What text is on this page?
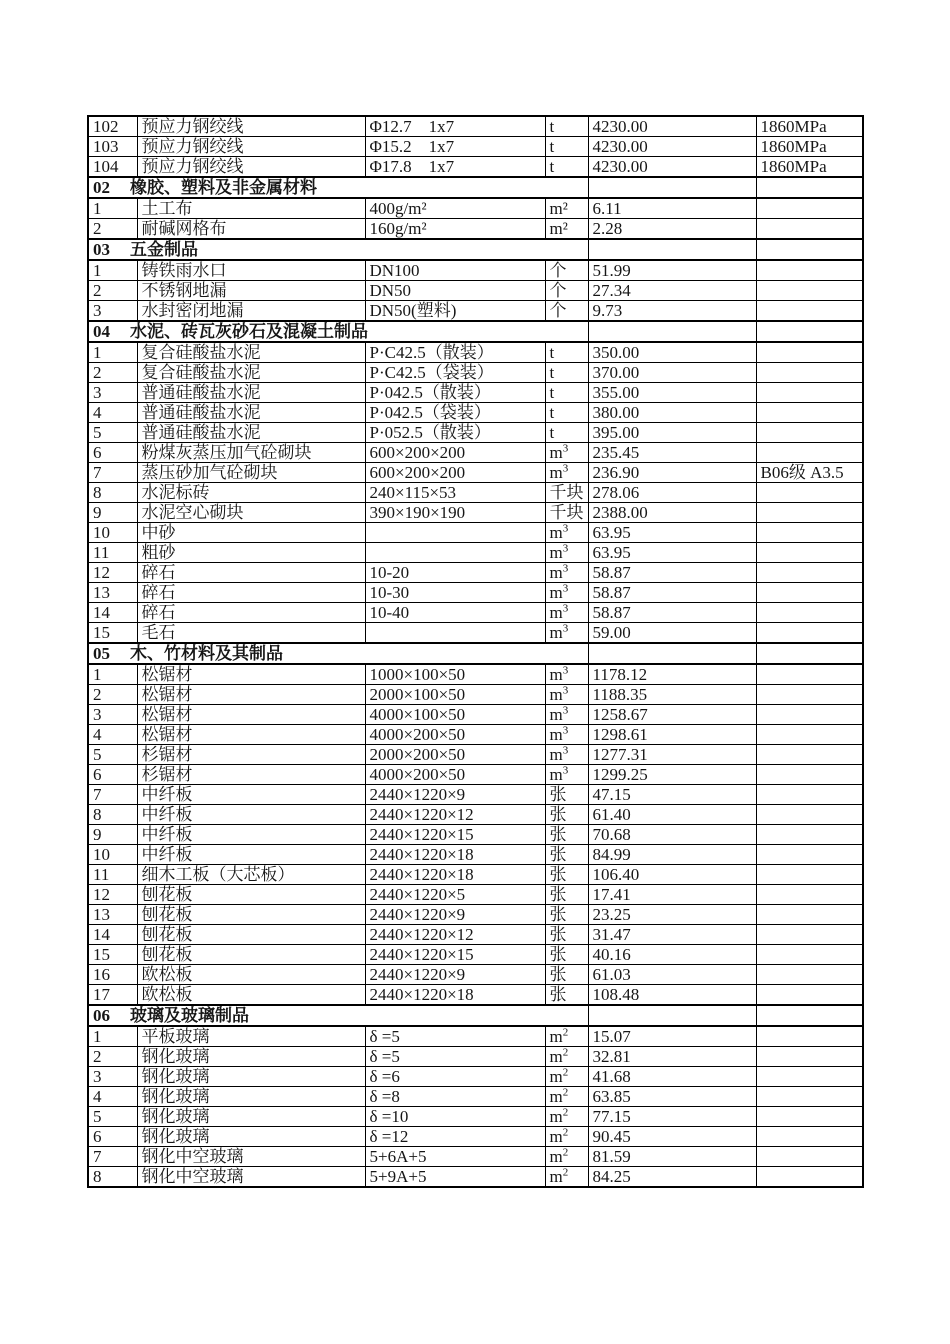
102	预应力钢绞线	Φ12.7    1x7	t	4230.00	1860MPa
103	预应力钢绞线	Φ15.2    1x7	t	4230.00	1860MPa
104	预应力钢绞线	Φ17.8    1x7	t	4230.00	1860MPa
02 橡胶、塑料及非金属材料					
1	土工布	400g/m²	m²	6.11	
2	耐碱网格布	160g/m²	m²	2.28	
03 五金制品					
1	铸铁雨水口	DN100	个	51.99	
2	不锈钢地漏	DN50	个	27.34	
3	水封密闭地漏	DN50(塑料)	个	9.73	
04 水泥、砖瓦灰砂石及混凝土制品					
1	复合硅酸盐水泥	P·C42.5（散装）	t	350.00	
2	复合硅酸盐水泥	P·C42.5（袋装）	t	370.00	
3	普通硅酸盐水泥	P·042.5（散装）	t	355.00	
4	普通硅酸盐水泥	P·042.5（袋装）	t	380.00	
5	普通硅酸盐水泥	P·052.5（散装）	t	395.00	
6	粉煤灰蒸压加气砼砌块	600×200×200	$m^3$	235.45	
7	蒸压砂加气砼砌块	600×200×200	$m^3$	236.90	B06级 A3.5
8	水泥标砖	240×115×53	千块	278.06	
9	水泥空心砌块	390×190×190	千块	2388.00	
10	中砂		$m^3$	63.95	
11	粗砂		$m^3$	63.95	
12	碎石	10-20	$m^3$	58.87	
13	碎石	10-30	$m^3$	58.87	
14	碎石	10-40	$m^3$	58.87	
15	毛石		$m^3$	59.00	
05 木、竹材料及其制品					
1	松锯材	1000×100×50	$m^3$	1178.12	
2	松锯材	2000×100×50	$m^3$	1188.35	
3	松锯材	4000×100×50	$m^3$	1258.67	
4	松锯材	4000×200×50	$m^3$	1298.61	
5	杉锯材	2000×200×50	$m^3$	1277.31	
6	杉锯材	4000×200×50	$m^3$	1299.25	
7	中纤板	2440×1220×9	张	47.15	
8	中纤板	2440×1220×12	张	61.40	
9	中纤板	2440×1220×15	张	70.68	
10	中纤板	2440×1220×18	张	84.99	
11	细木工板（大芯板）	2440×1220×18	张	106.40	
12	刨花板	2440×1220×5	张	17.41	
13	刨花板	2440×1220×9	张	23.25	
14	刨花板	2440×1220×12	张	31.47	
15	刨花板	2440×1220×15	张	40.16	
16	欧松板	2440×1220×9	张	61.03	
17	欧松板	2440×1220×18	张	108.48	
06 玻璃及玻璃制品					
1	平板玻璃	δ =5	$m^2$	15.07	
2	钢化玻璃	δ =5	$m^2$	32.81	
3	钢化玻璃	δ =6	$m^2$	41.68	
4	钢化玻璃	δ =8	$m^2$	63.85	
5	钢化玻璃	δ =10	$m^2$	77.15	
6	钢化玻璃	δ =12	$m^2$	90.45	
7	钢化中空玻璃	5+6A+5	$m^2$	81.59	
8	钢化中空玻璃	5+9A+5	$m^2$	84.25	
